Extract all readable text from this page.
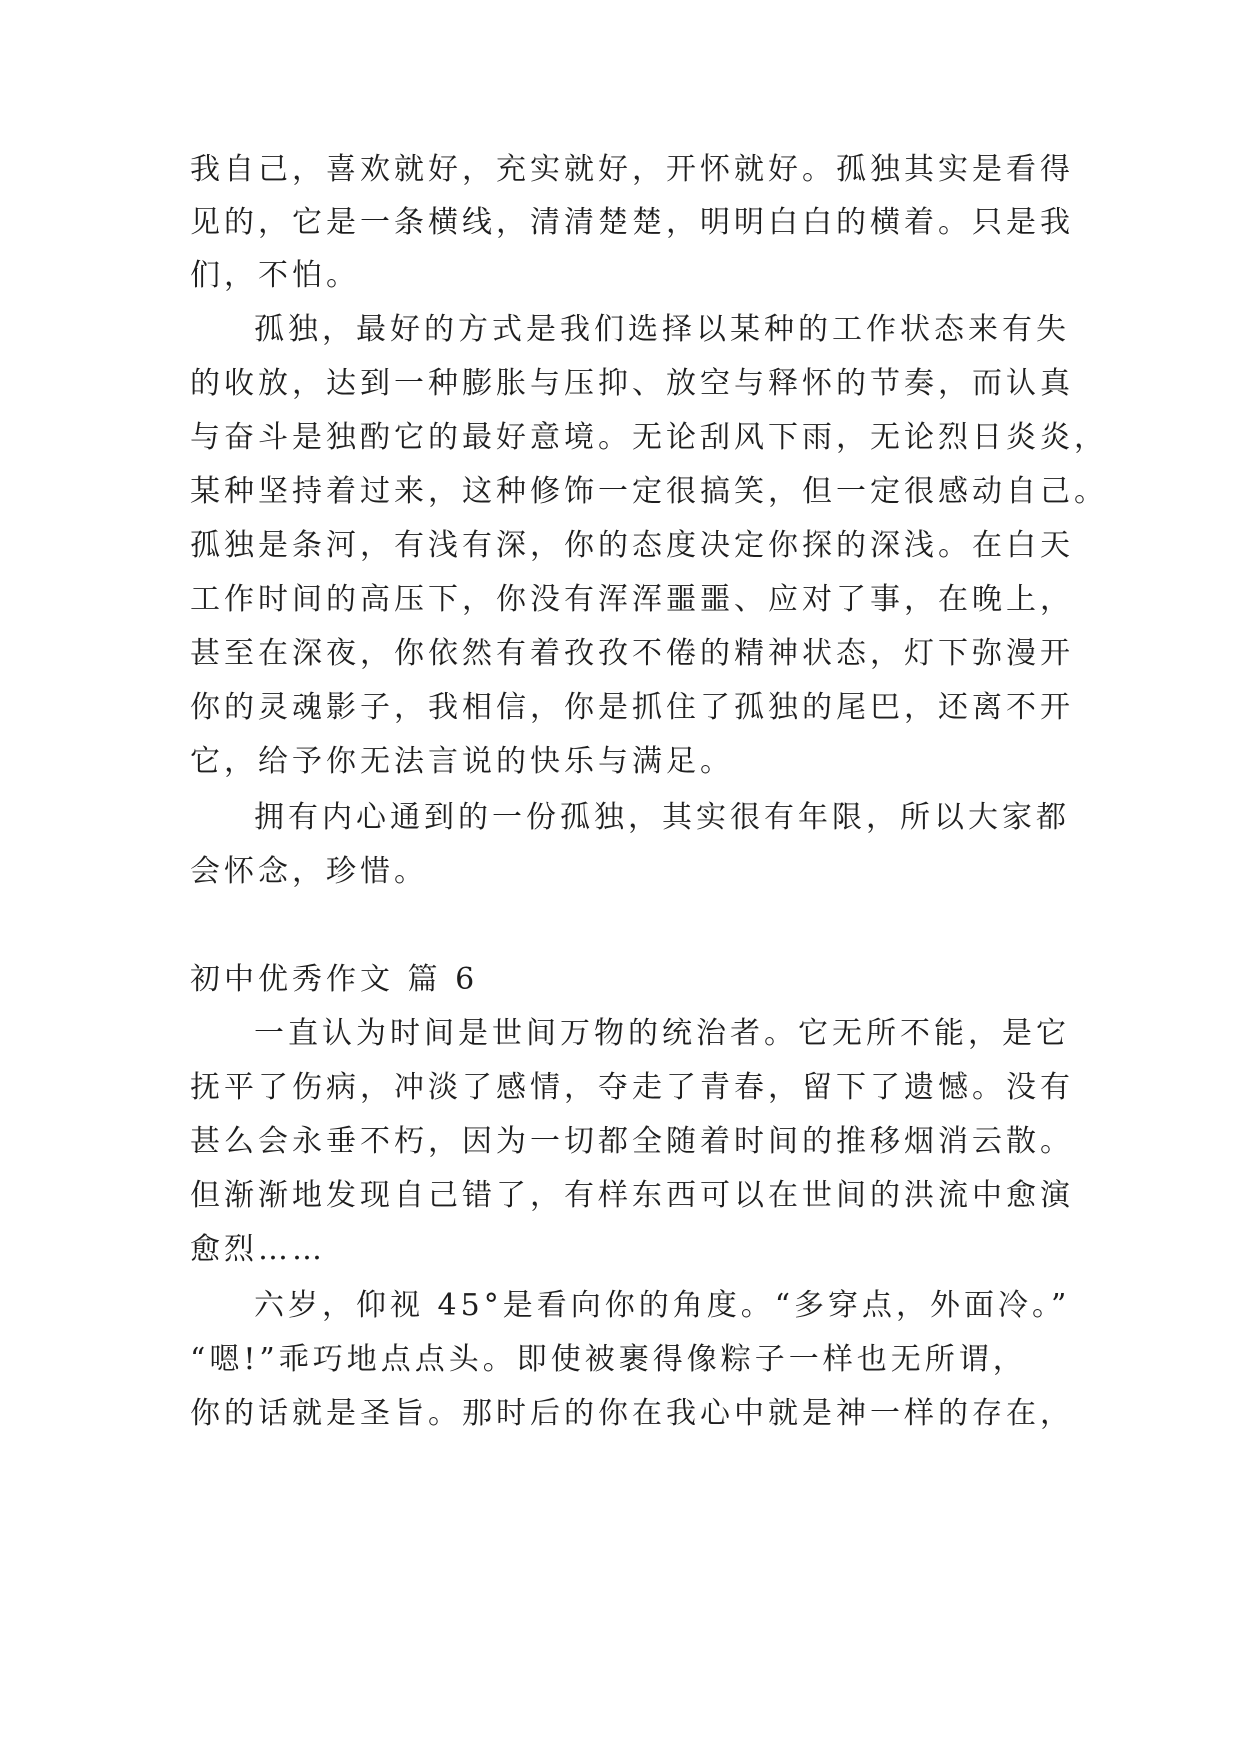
我自己，喜欢就好，充实就好，开怀就好。孤独其实是看得

见的，它是一条横线，清清楚楚，明明白白的横着。只是我

们，不怕。

孤独，最好的方式是我们选择以某种的工作状态来有失

的收放，达到一种膨胀与压抑、放空与释怀的节奏，而认真

与奋斗是独酌它的最好意境。无论刮风下雨，无论烈日炎炎，

某种坚持着过来，这种修饰一定很搞笑，但一定很感动自己。

孤独是条河，有浅有深，你的态度决定你探的深浅。在白天

工作时间的高压下，你没有浑浑噩噩、应对了事，在晚上，

甚至在深夜，你依然有着孜孜不倦的精神状态，灯下弥漫开

你的灵魂影子，我相信，你是抓住了孤独的尾巴，还离不开

它，给予你无法言说的快乐与满足。

拥有内心通到的一份孤独，其实很有年限，所以大家都

会怀念，珍惜。

初中优秀作文 篇 6

一直认为时间是世间万物的统治者。它无所不能，是它

抚平了伤病，冲淡了感情，夺走了青春，留下了遗憾。没有

甚么会永垂不朽，因为一切都全随着时间的推移烟消云散。

但渐渐地发现自己错了，有样东西可以在世间的洪流中愈演

愈烈……

六岁，仰视 45°是看向你的角度。“多穿点，外面冷。”

“嗯!”乖巧地点点头。即使被裹得像粽子一样也无所谓，

你的话就是圣旨。那时后的你在我心中就是神一样的存在，
